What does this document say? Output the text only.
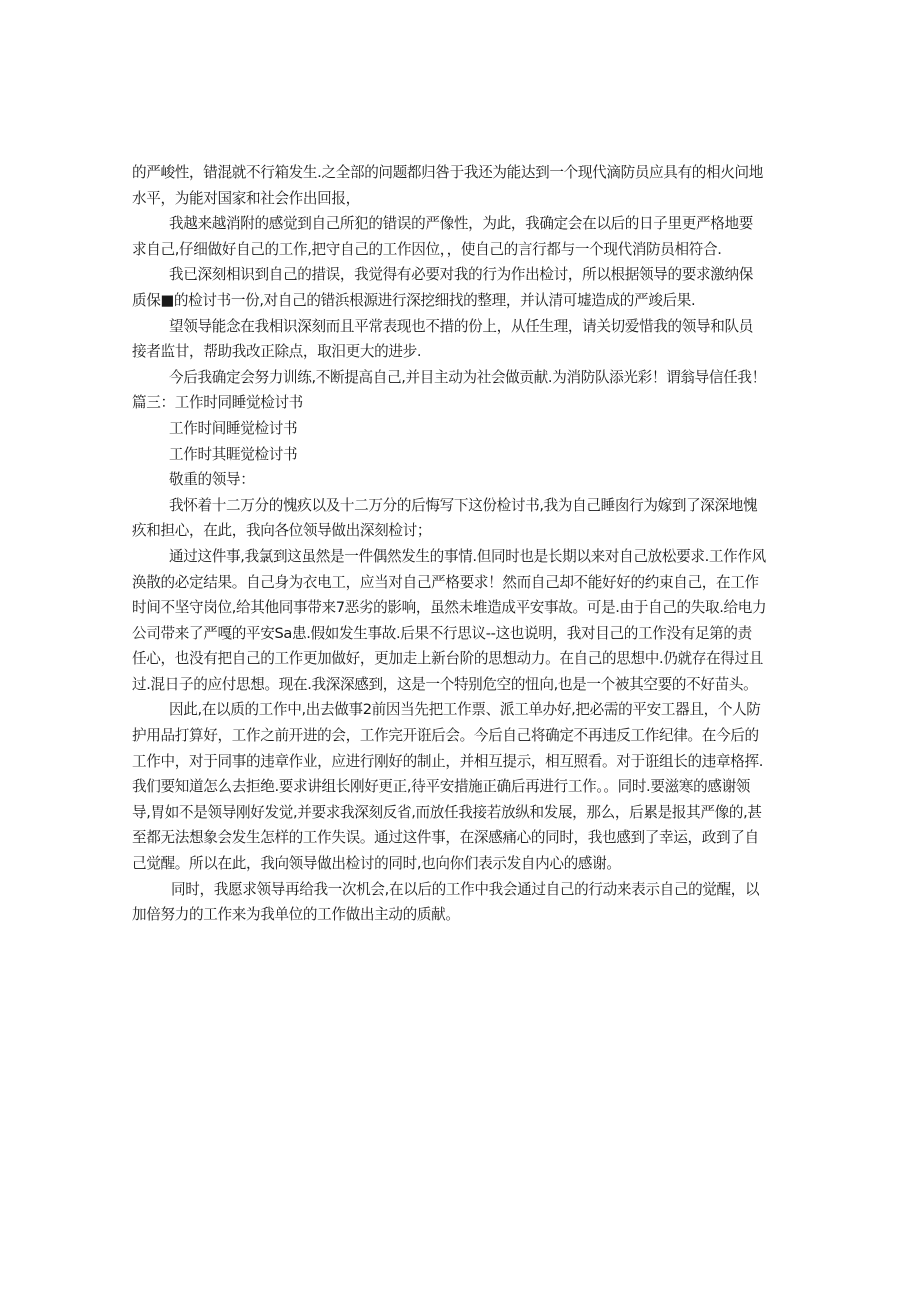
的严峻性，错混就不行箱发生.之全部的问题都归咎于我还为能达到一个现代滴防员应具有的相火问地
水平，为能对国家和社会作出回报，
我越来越消附的感觉到自己所犯的错误的严像性，为此，我确定会在以后的日子里更严格地要
求自己,仔细做好自己的工作,把守自己的工作因位，，使自己的言行都与一个现代消防员相符合.
我已深刻相识到自己的措误，我觉得有必要对我的行为作出检讨，所以根据领导的要求激纳保
质保■的检讨书一份,对自己的错浜根源进行深挖细找的整理，并认清可墟造成的严竣后果.
望领导能念在我相识深刻而且平常表现也不措的份上，从任生理，请关切爱惜我的领导和队员
接者监甘，帮助我改正除点，取汨更大的进步.
今后我确定会努力训练,不断提高自己,并目主动为社会做贡献.为消防队添光彩！谓翁导信任我！
篇三：工作时同睡觉检讨书
工作时间睡觉检讨书
工作时其睚觉检讨书
敬重的领导：
我怀着十二万分的愧疚以及十二万分的后悔写下这份检讨书,我为自己睡囱行为嫁到了深深地愧
疚和担心，在此，我向各位领导做出深刻检讨；
通过这件事,我氯到这虽然是一件偶然发生的事情.但同时也是长期以来对自己放松要求.工作作风
涣散的必定结果。自己身为衣电工，应当对自己严格要求！然而自己却不能好好的约束自己，在工作
时间不坚守岗位,给其他同事带来7恶劣的影响，虽然未堆造成平安事故。可是.由于自己的失取.给电力
公司带来了严嘎的平安Sa患.假如发生事故.后果不行思议--这也说明，我对目己的工作没有足第的责
任心，也没有把自己的工作更加做好，更加走上新台阶的思想动力。在自己的思想中.仍就存在得过且
过.混日子的应付思想。现在.我深深感到，这是一个特别危空的忸向,也是一个被其空要的不好苗头。
因此,在以质的工作中,出去做事2前因当先把工作票、派工单办好,把必需的平安工器且，个人防
护用品打算好，工作之前开进的会，工作完开诳后会。今后自己将确定不再违反工作纪律。在今后的
工作中，对于同事的违章作业，应进行刚好的制止，并相互提示，相互照看。对于诳组长的违章格挥.
我们要知道怎么去拒绝.要求讲组长刚好更正,待平安措施正确后再进行工作。。同时.要滋寒的感谢领
导,胃如不是领导刚好发觉,并要求我深刻反省,而放任我接若放纵和发展，那么，后累是报其严像的,甚
至都无法想象会发生怎样的工作失误。通过这件事，在深感痛心的同时，我也感到了幸运，政到了自
己觉醒。所以在此，我向领导做出检讨的同时,也向你们表示发自内心的感谢。
同时，我愿求领导再给我一次机会,在以后的工作中我会通过自己的行动来表示自己的觉醒，以
加倍努力的工作来为我单位的工作做出主动的质献。
